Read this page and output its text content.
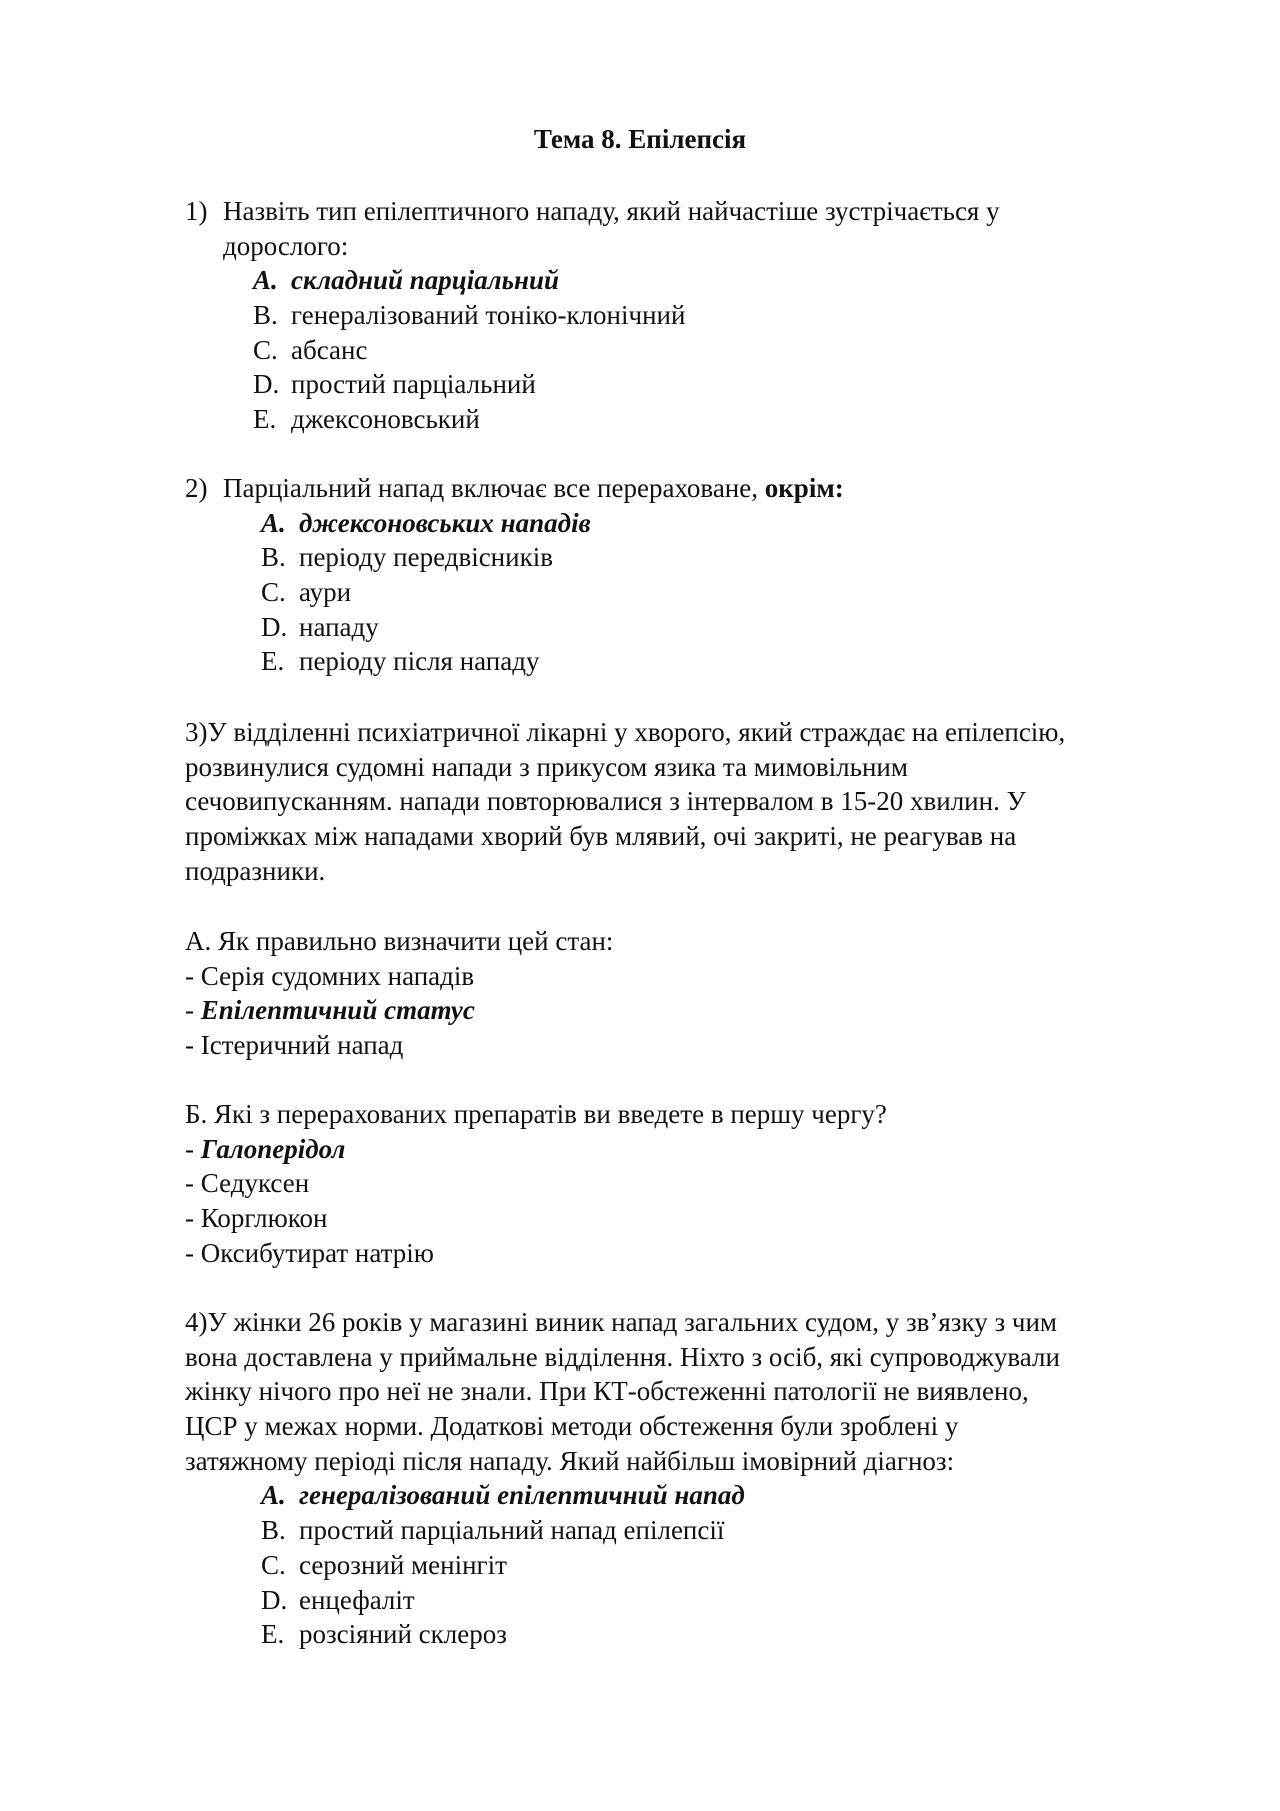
Тема 8. Епілепсія
1) Назвіть тип епілептичного нападу, який найчастіше зустрічається у
дорослого:
A. складний парціальний
B. генералізований тоніко-клонічний
C. абсанс
D. простий парціальний
E. джексоновський
2) Парціальний напад включає все перераховане, окрім:
A. джексоновських нападів
B. періоду передвісників
C. аури
D. нападу
E. періоду після нападу
3)У відділенні психіатричної лікарні у хворого, який страждає на епілепсію,
розвинулися судомні напади з прикусом язика та мимовільним
сечовипусканням. напади повторювалися з інтервалом в 15-20 хвилин. У
проміжках між нападами хворий був млявий, очі закриті, не реагував на
подразники.
А. Як правильно визначити цей стан:
- Серія судомних нападів
- Епілептичний статус
- Істеричний напад
Б. Які з перерахованих препаратів ви введете в першу чергу?
- Галоперідол
- Седуксен
- Корглюкон
- Оксибутират натрію
4)У жінки 26 років у магазині виник напад загальних судом, у зв’язку з чим
вона доставлена у приймальне відділення. Ніхто з осіб, які супроводжували
жінку нічого про неї не знали. При КТ-обстеженні патології не виявлено,
ЦСР у межах норми. Додаткові методи обстеження були зроблені у
затяжному періоді після нападу. Який найбільш імовірний діагноз:
A. генералізований епілептичний напад
B. простий парціальний напад епілепсії
C. серозний менінгіт
D. енцефаліт
E. розсіяний склероз
